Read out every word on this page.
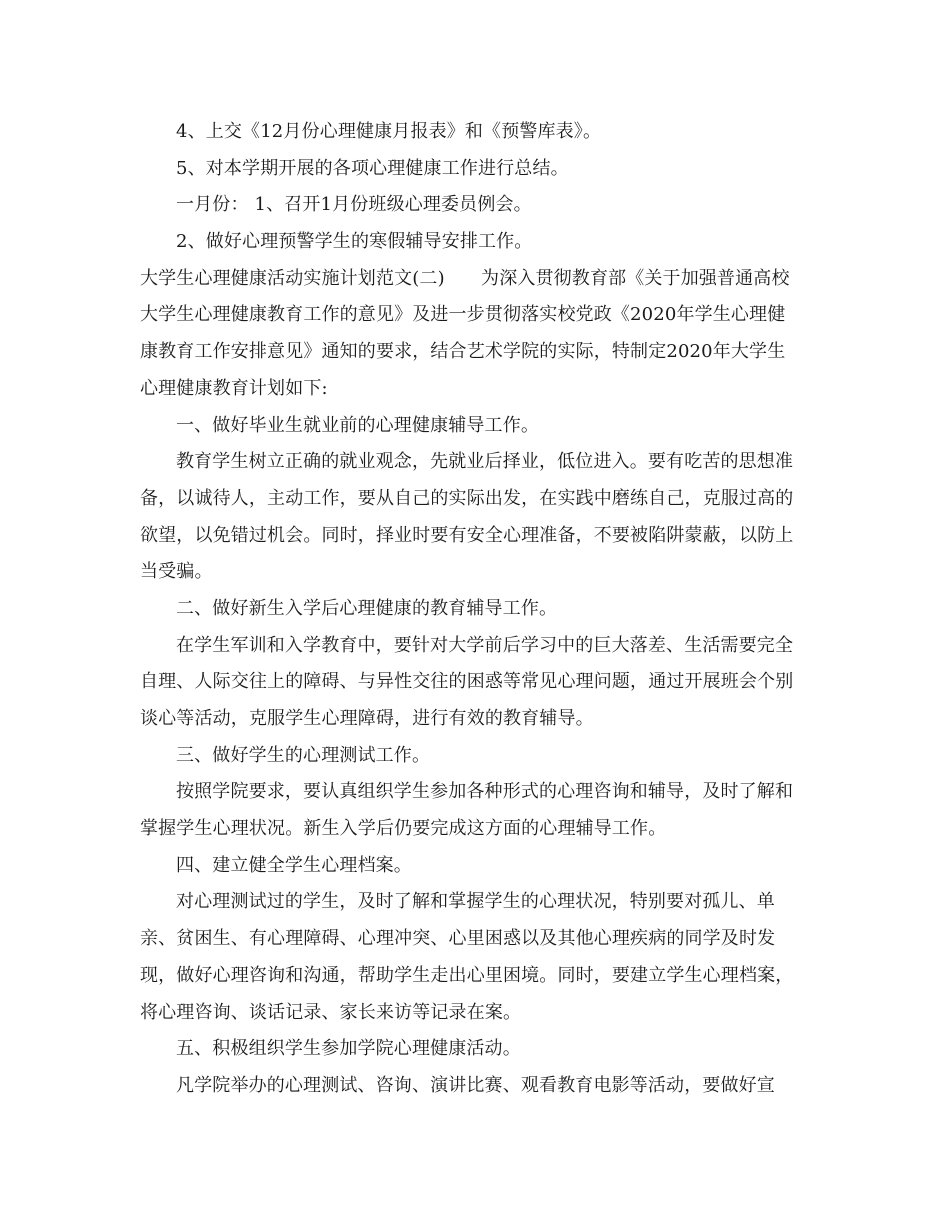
4、上交《12月份心理健康月报表》和《预警库表》。
5、对本学期开展的各项心理健康工作进行总结。
一月份： 1、召开1月份班级心理委员例会。
2、做好心理预警学生的寒假辅导安排工作。
大学生心理健康活动实施计划范文(二)　　为深入贯彻教育部《关于加强普通高校
大学生心理健康教育工作的意见》及进一步贯彻落实校党政《2020年学生心理健
康教育工作安排意见》通知的要求，结合艺术学院的实际，特制定2020年大学生
心理健康教育计划如下:
一、做好毕业生就业前的心理健康辅导工作。
教育学生树立正确的就业观念，先就业后择业，低位进入。要有吃苦的思想准
备，以诚待人，主动工作，要从自己的实际出发，在实践中磨练自己，克服过高的
欲望，以免错过机会。同时，择业时要有安全心理准备，不要被陷阱蒙蔽，以防上
当受骗。
二、做好新生入学后心理健康的教育辅导工作。
在学生军训和入学教育中，要针对大学前后学习中的巨大落差、生活需要完全
自理、人际交往上的障碍、与异性交往的困惑等常见心理问题，通过开展班会个别
谈心等活动，克服学生心理障碍，进行有效的教育辅导。
三、做好学生的心理测试工作。
按照学院要求，要认真组织学生参加各种形式的心理咨询和辅导，及时了解和
掌握学生心理状况。新生入学后仍要完成这方面的心理辅导工作。
四、建立健全学生心理档案。
对心理测试过的学生，及时了解和掌握学生的心理状况，特别要对孤儿、单
亲、贫困生、有心理障碍、心理冲突、心里困惑以及其他心理疾病的同学及时发
现，做好心理咨询和沟通，帮助学生走出心里困境。同时，要建立学生心理档案，
将心理咨询、谈话记录、家长来访等记录在案。
五、积极组织学生参加学院心理健康活动。
凡学院举办的心理测试、咨询、演讲比赛、观看教育电影等活动，要做好宣
